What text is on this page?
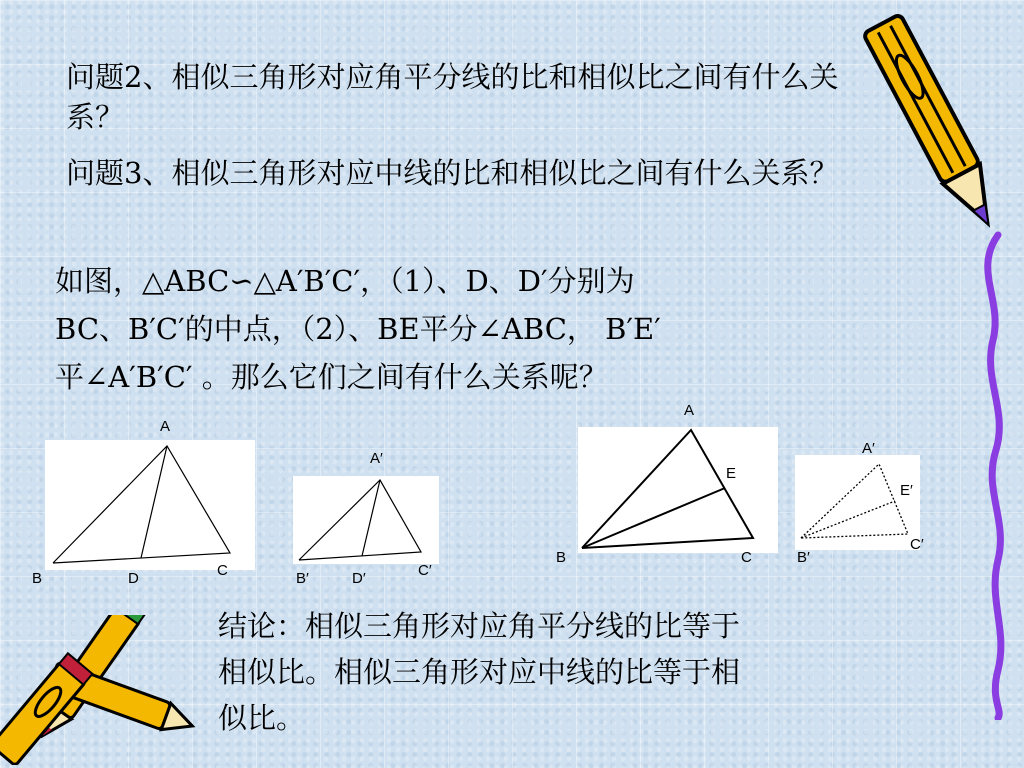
问题2、相似三角形对应角平分线的比和相似比之间有什么关系？

问题3、相似三角形对应中线的比和相似比之间有什么关系？

如图，△ABC∽△A′B′C′，（1）、D、D′分别为
BC、B′C′的中点，（2）、BE平分∠ABC， B′E′
平∠A′B′C′ 。那么它们之间有什么关系呢？
A
B	D	C
A′
B′	D′	C′
A
E
B	C
A′
E′
B′
C′
结论：相似三角形对应角平分线的比等于
相似比。相似三角形对应中线的比等于相
似比。
